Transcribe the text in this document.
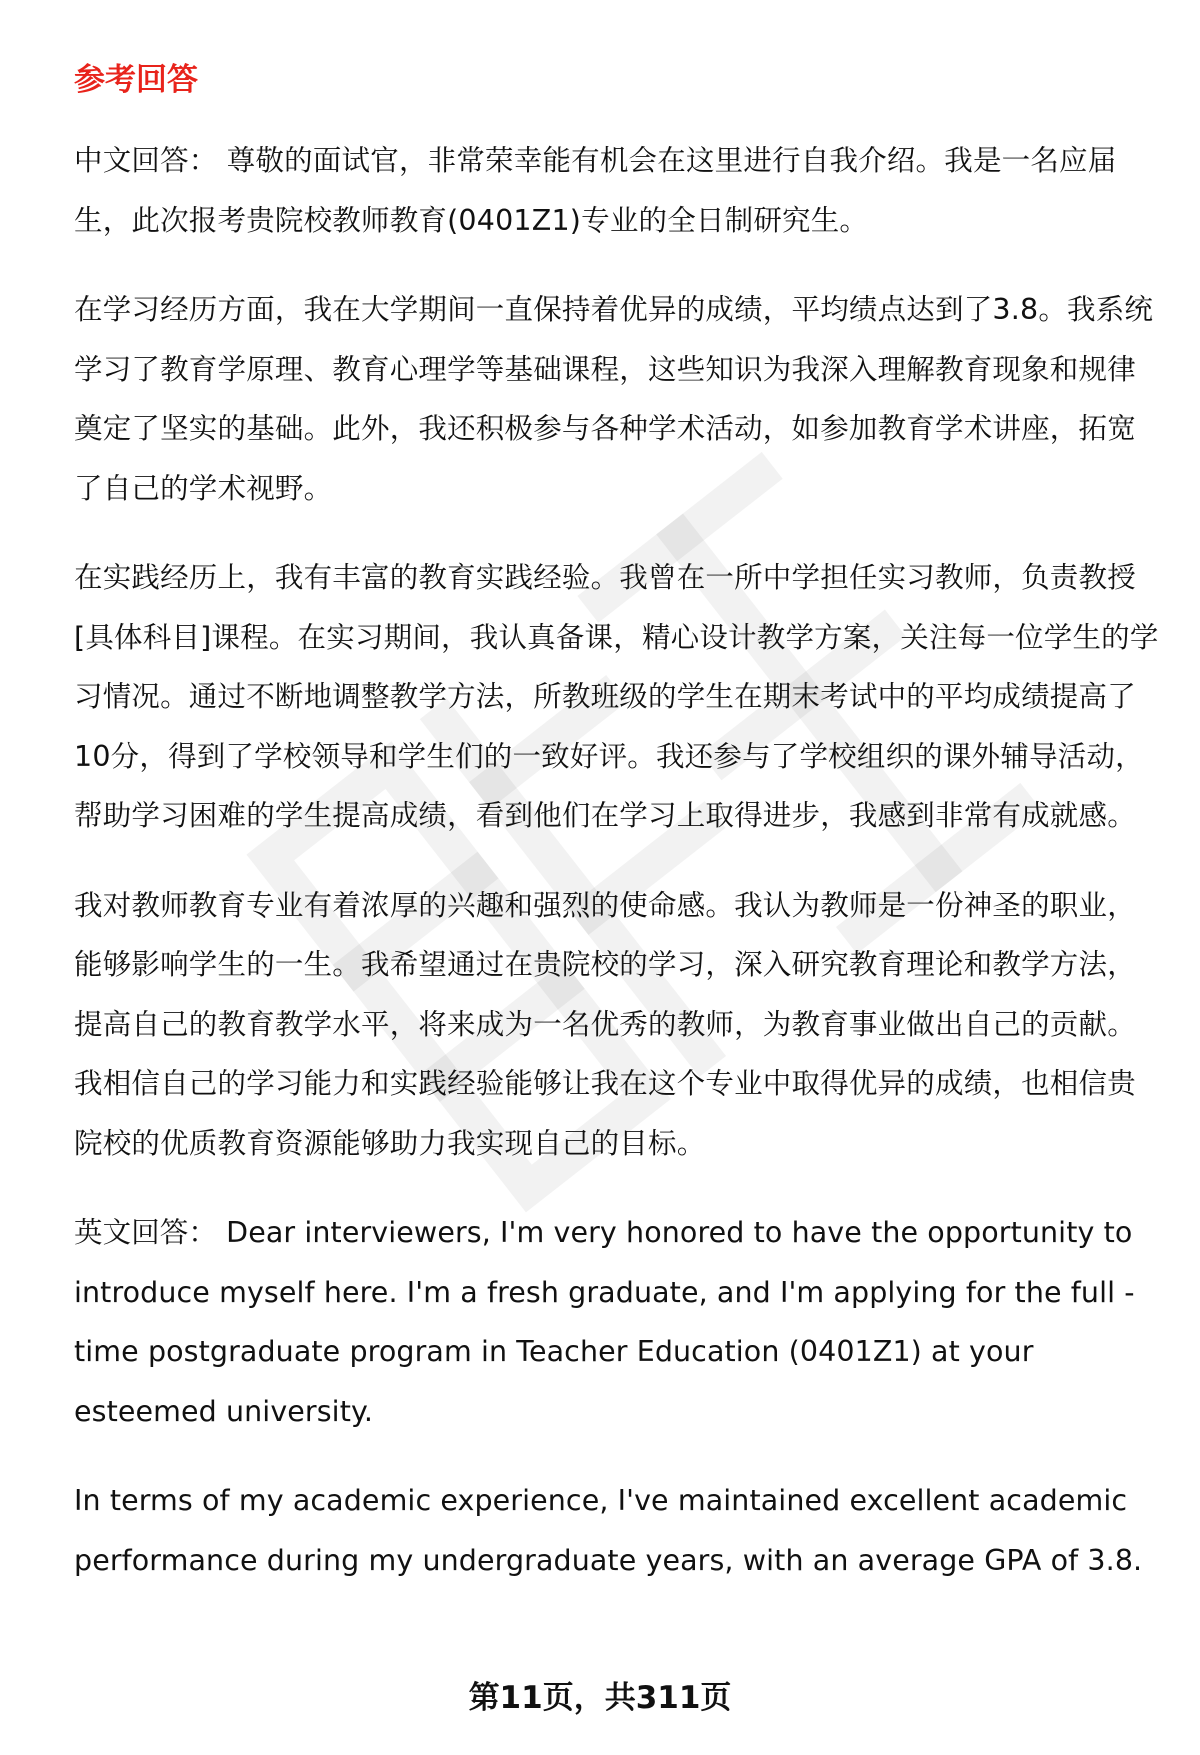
参考回答

中文回答： 尊敬的面试官，非常荣幸能有机会在这里进行自我介绍。我是一名应届生，此次报考贵院校教师教育(0401Z1)专业的全日制研究生。

在学习经历方面，我在大学期间一直保持着优异的成绩，平均绩点达到了3.8。我系统学习了教育学原理、教育心理学等基础课程，这些知识为我深入理解教育现象和规律奠定了坚实的基础。此外，我还积极参与各种学术活动，如参加教育学术讲座，拓宽了自己的学术视野。

在实践经历上，我有丰富的教育实践经验。我曾在一所中学担任实习教师，负责教授[具体科目]课程。在实习期间，我认真备课，精心设计教学方案，关注每一位学生的学习情况。通过不断地调整教学方法，所教班级的学生在期末考试中的平均成绩提高了10分，得到了学校领导和学生们的一致好评。我还参与了学校组织的课外辅导活动，帮助学习困难的学生提高成绩，看到他们在学习上取得进步，我感到非常有成就感。

我对教师教育专业有着浓厚的兴趣和强烈的使命感。我认为教师是一份神圣的职业，能够影响学生的一生。我希望通过在贵院校的学习，深入研究教育理论和教学方法，提高自己的教育教学水平，将来成为一名优秀的教师，为教育事业做出自己的贡献。我相信自己的学习能力和实践经验能够让我在这个专业中取得优异的成绩，也相信贵院校的优质教育资源能够助力我实现自己的目标。

英文回答： Dear interviewers, I'm very honored to have the opportunity to introduce myself here. I'm a fresh graduate, and I'm applying for the full - time postgraduate program in Teacher Education (0401Z1) at your esteemed university.

In terms of my academic experience, I've maintained excellent academic performance during my undergraduate years, with an average GPA of 3.8.

第11页，共311页
